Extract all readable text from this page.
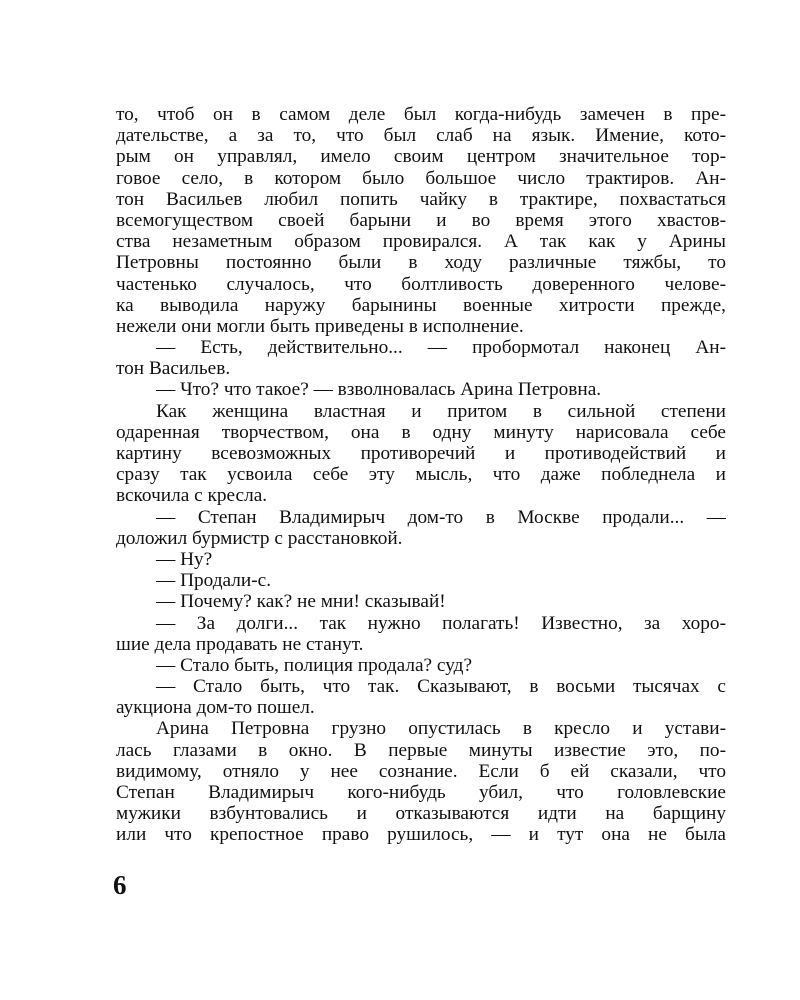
то, чтоб он в самом деле был когда-нибудь замечен в пре-
дательстве, а за то, что был слаб на язык. Имение, кото-
рым он управлял, имело своим центром значительное тор-
говое село, в котором было большое число трактиров. Ан-
тон Васильев любил попить чайку в трактире, похвастаться
всемогуществом своей барыни и во время этого хвастов-
ства незаметным образом провирался. А так как у Арины
Петровны постоянно были в ходу различные тяжбы, то
частенько случалось, что болтливость доверенного челове-
ка выводила наружу барынины военные хитрости прежде,
нежели они могли быть приведены в исполнение.
— Есть, действительно... — пробормотал наконец Ан-
тон Васильев.
— Что? что такое? — взволновалась Арина Петровна.
Как женщина властная и притом в сильной степени
одаренная творчеством, она в одну минуту нарисовала себе
картину всевозможных противоречий и противодействий и
сразу так усвоила себе эту мысль, что даже побледнела и
вскочила с кресла.
— Степан Владимирыч дом-то в Москве продали... —
доложил бурмистр с расстановкой.
— Ну?
— Продали-с.
— Почему? как? не мни! сказывай!
— За долги... так нужно полагать! Известно, за хоро-
шие дела продавать не станут.
— Стало быть, полиция продала? суд?
— Стало быть, что так. Сказывают, в восьми тысячах с
аукциона дом-то пошел.
Арина Петровна грузно опустилась в кресло и устави-
лась глазами в окно. В первые минуты известие это, по-
видимому, отняло у нее сознание. Если б ей сказали, что
Степан Владимирыч кого-нибудь убил, что головлевские
мужики взбунтовались и отказываются идти на барщину
или что крепостное право рушилось, — и тут она не была
6
